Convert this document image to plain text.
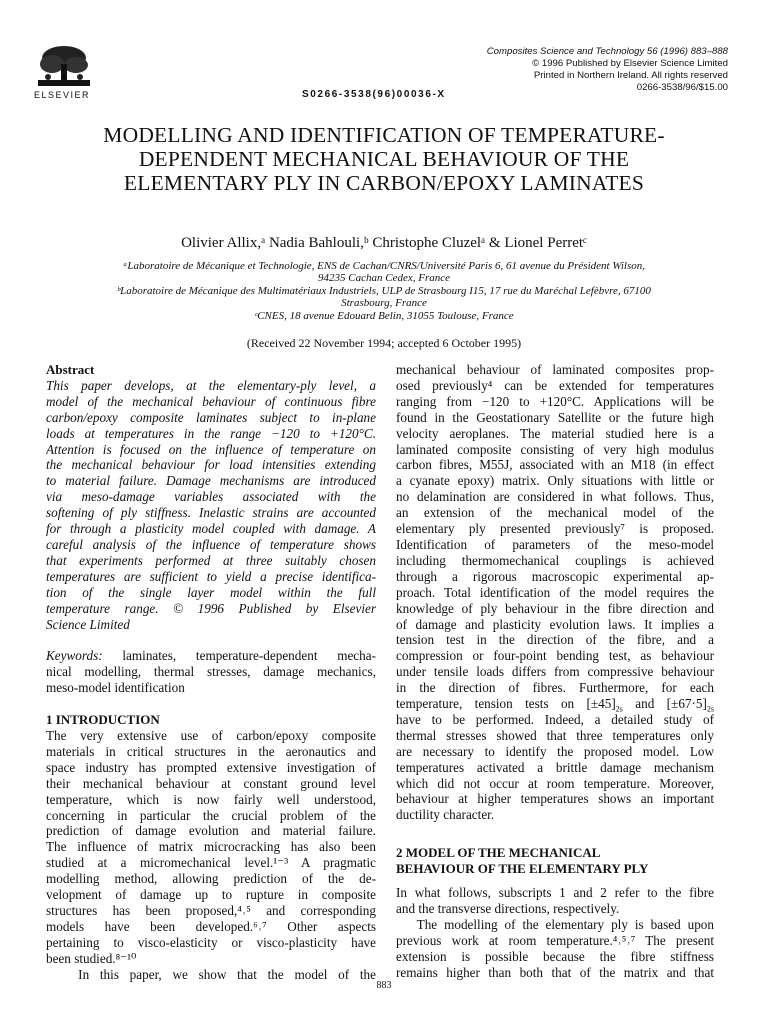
ELSEVIER	S0266-3538(96)00036-X
Composites Science and Technology 56 (1996) 883–888
© 1996 Published by Elsevier Science Limited
Printed in Northern Ireland. All rights reserved
0266-3538/96/$15.00
MODELLING AND IDENTIFICATION OF TEMPERATURE-
DEPENDENT MECHANICAL BEHAVIOUR OF THE
ELEMENTARY PLY IN CARBON/EPOXY LAMINATES
Olivier Allix,ᵃ Nadia Bahlouli,ᵇ Christophe Cluzelᵃ & Lionel Perretᶜ
ᵃLaboratoire de Mécanique et Technologie, ENS de Cachan/CNRS/Université Paris 6, 61 avenue du Président Wilson,
94235 Cachan Cedex, France
ᵇLaboratoire de Mécanique des Multimatériaux Industriels, ULP de Strasbourg I15, 17 rue du Maréchal Lefèbvre, 67100
Strasbourg, France
ᶜCNES, 18 avenue Edouard Belin, 31055 Toulouse, France
(Received 22 November 1994; accepted 6 October 1995)
Abstract
This paper develops, at the elementary-ply level, a
model of the mechanical behaviour of continuous fibre
carbon/epoxy composite laminates subject to in-plane
loads at temperatures in the range −120 to +120°C.
Attention is focused on the influence of temperature on
the mechanical behaviour for load intensities extending
to material failure. Damage mechanisms are introduced
via meso-damage variables associated with the
softening of ply stiffness. Inelastic strains are accounted
for through a plasticity model coupled with damage. A
careful analysis of the influence of temperature shows
that experiments performed at three suitably chosen
temperatures are sufficient to yield a precise identifica-
tion of the single layer model within the full
temperature range. © 1996 Published by Elsevier
Science Limited
Keywords: laminates, temperature-dependent mecha-
nical modelling, thermal stresses, damage mechanics,
meso-model identification
1 INTRODUCTION
The very extensive use of carbon/epoxy composite
materials in critical structures in the aeronautics and
space industry has prompted extensive investigation of
their mechanical behaviour at constant ground level
temperature, which is now fairly well understood,
concerning in particular the crucial problem of the
prediction of damage evolution and material failure.
The influence of matrix microcracking has also been
studied at a micromechanical level.¹⁻³ A pragmatic
modelling method, allowing prediction of the de-
velopment of damage up to rupture in composite
structures has been proposed,⁴˒⁵ and corresponding
models have been developed.⁶˒⁷ Other aspects
pertaining to visco-elasticity or visco-plasticity have
been studied.⁸⁻¹⁰
In this paper, we show that the model of the
mechanical behaviour of laminated composites prop-
osed previously⁴ can be extended for temperatures
ranging from −120 to +120°C. Applications will be
found in the Geostationary Satellite or the future high
velocity aeroplanes. The material studied here is a
laminated composite consisting of very high modulus
carbon fibres, M55J, associated with an M18 (in effect
a cyanate epoxy) matrix. Only situations with little or
no delamination are considered in what follows. Thus,
an extension of the mechanical model of the
elementary ply presented previously⁷ is proposed.
Identification of parameters of the meso-model
including thermomechanical couplings is achieved
through a rigorous macroscopic experimental ap-
proach. Total identification of the model requires the
knowledge of ply behaviour in the fibre direction and
of damage and plasticity evolution laws. It implies a
tension test in the direction of the fibre, and a
compression or four-point bending test, as behaviour
under tensile loads differs from compressive behaviour
in the direction of fibres. Furthermore, for each
temperature, tension tests on $[\pm 45]_{2s}$ and $[\pm 67\cdot 5]_{2s}$
have to be performed. Indeed, a detailed study of
thermal stresses showed that three temperatures only
are necessary to identify the proposed model. Low
temperatures activated a brittle damage mechanism
which did not occur at room temperature. Moreover,
behaviour at higher temperatures shows an important
ductility character.
2 MODEL OF THE MECHANICAL
BEHAVIOUR OF THE ELEMENTARY PLY
In what follows, subscripts 1 and 2 refer to the fibre
and the transverse directions, respectively.
The modelling of the elementary ply is based upon
previous work at room temperature.⁴˒⁵˒⁷ The present
extension is possible because the fibre stiffness
remains higher than both that of the matrix and that
883
